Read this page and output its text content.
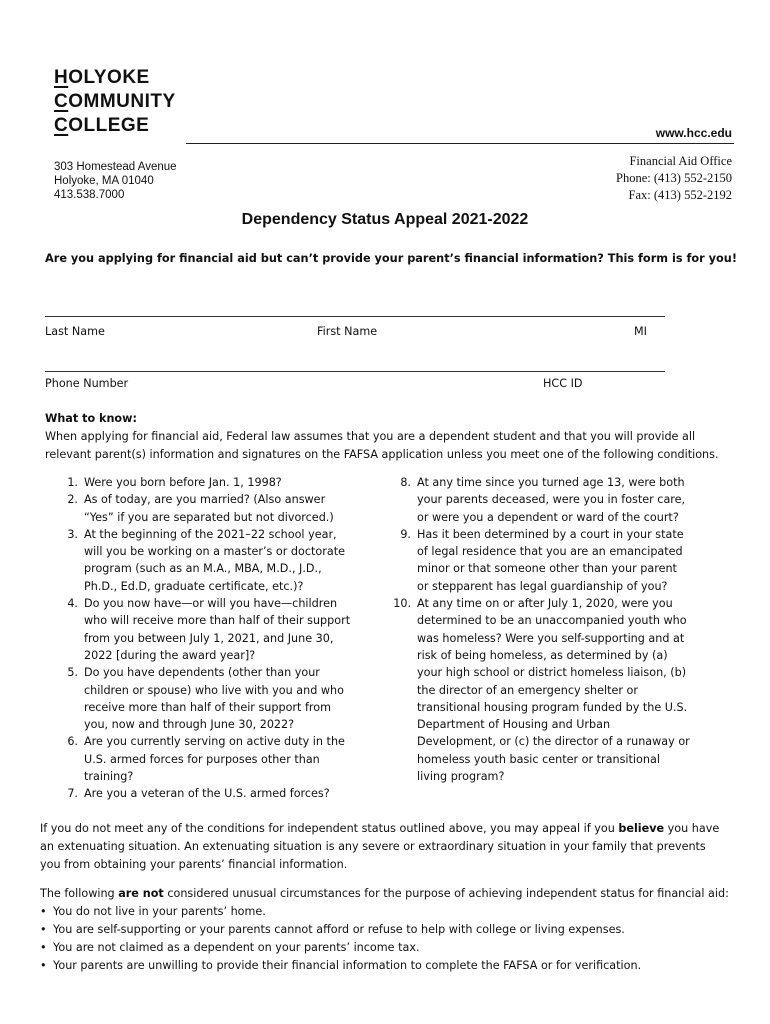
HOLYOKE
COMMUNITY
COLLEGE	www.hcc.edu
303 Homestead Avenue
Holyoke, MA 01040
413.538.7000
Financial Aid Office
Phone: (413) 552-2150
Fax: (413) 552-2192
Dependency Status Appeal 2021-2022
Are you applying for financial aid but can’t provide your parent’s financial information? This form is for you!
Last Name	First Name	MI
Phone Number	HCC ID
What to know:
When applying for financial aid, Federal law assumes that you are a dependent student and that you will provide all
relevant parent(s) information and signatures on the FAFSA application unless you meet one of the following conditions.
1. Were you born before Jan. 1, 1998?
2. As of today, are you married? (Also answer
“Yes” if you are separated but not divorced.)
3. At the beginning of the 2021–22 school year,
will you be working on a master’s or doctorate
program (such as an M.A., MBA, M.D., J.D.,
Ph.D., Ed.D, graduate certificate, etc.)?
4. Do you now have—or will you have—children
who will receive more than half of their support
from you between July 1, 2021, and June 30,
2022 [during the award year]?
5. Do you have dependents (other than your
children or spouse) who live with you and who
receive more than half of their support from
you, now and through June 30, 2022?
6. Are you currently serving on active duty in the
U.S. armed forces for purposes other than
training?
7. Are you a veteran of the U.S. armed forces?
8. At any time since you turned age 13, were both
your parents deceased, were you in foster care,
or were you a dependent or ward of the court?
9. Has it been determined by a court in your state
of legal residence that you are an emancipated
minor or that someone other than your parent
or stepparent has legal guardianship of you?
10. At any time on or after July 1, 2020, were you
determined to be an unaccompanied youth who
was homeless? Were you self-supporting and at
risk of being homeless, as determined by (a)
your high school or district homeless liaison, (b)
the director of an emergency shelter or
transitional housing program funded by the U.S.
Department of Housing and Urban
Development, or (c) the director of a runaway or
homeless youth basic center or transitional
living program?
If you do not meet any of the conditions for independent status outlined above, you may appeal if you believe you have
an extenuating situation. An extenuating situation is any severe or extraordinary situation in your family that prevents
you from obtaining your parents’ financial information.
The following are not considered unusual circumstances for the purpose of achieving independent status for financial aid:
• You do not live in your parents’ home.
• You are self-supporting or your parents cannot afford or refuse to help with college or living expenses.
• You are not claimed as a dependent on your parents’ income tax.
• Your parents are unwilling to provide their financial information to complete the FAFSA or for verification.
